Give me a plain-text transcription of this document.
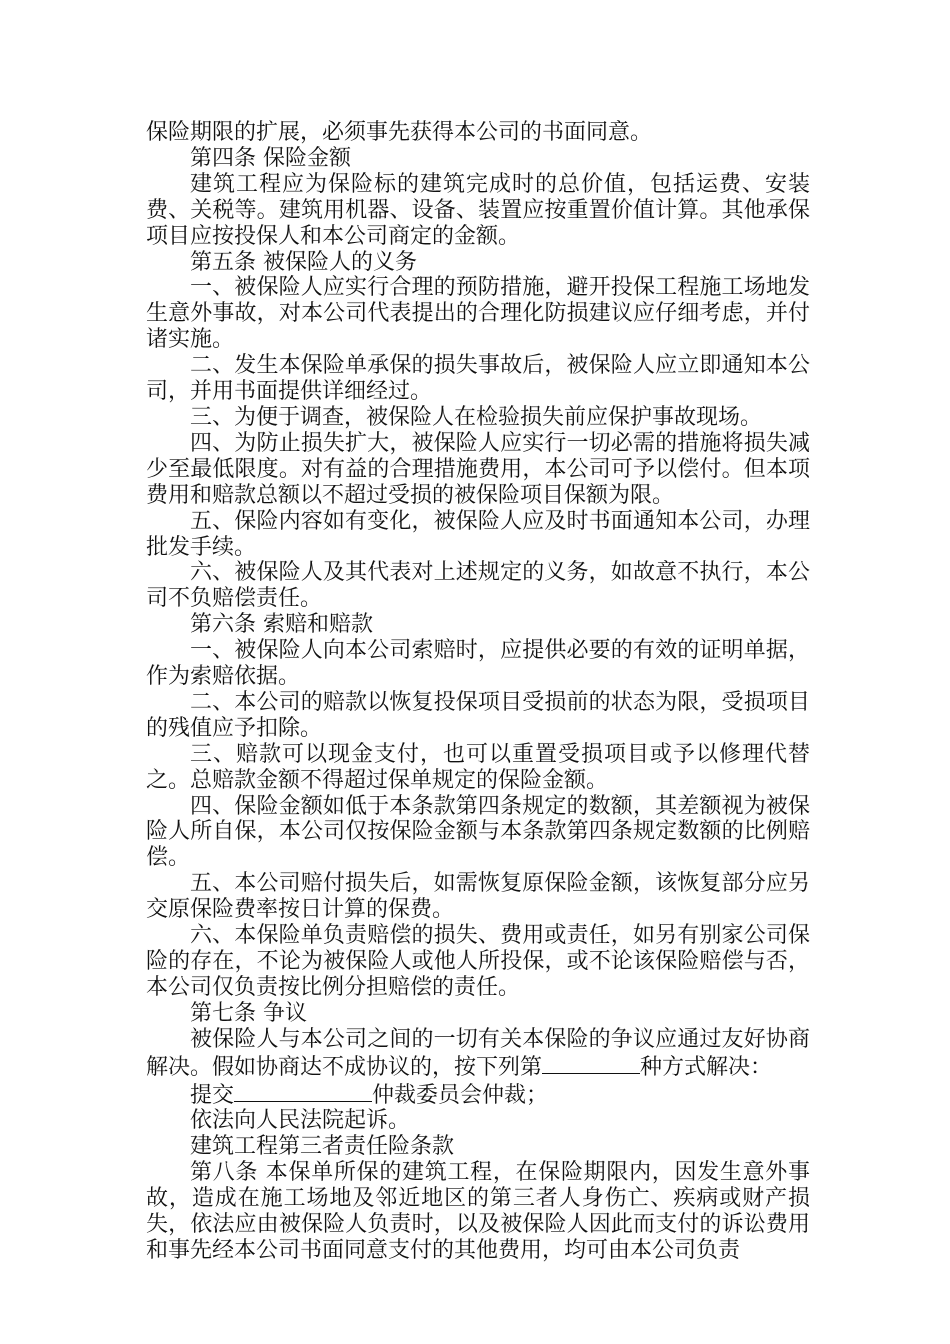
保险期限的扩展，必须事先获得本公司的书面同意。

第四条 保险金额

建筑工程应为保险标的建筑完成时的总价值，包括运费、安装费、关税等。建筑用机器、设备、装置应按重置价值计算。其他承保项目应按投保人和本公司商定的金额。

第五条 被保险人的义务

一、被保险人应实行合理的预防措施，避开投保工程施工场地发生意外事故，对本公司代表提出的合理化防损建议应仔细考虑，并付诸实施。

二、发生本保险单承保的损失事故后，被保险人应立即通知本公司，并用书面提供详细经过。

三、为便于调查，被保险人在检验损失前应保护事故现场。

四、为防止损失扩大，被保险人应实行一切必需的措施将损失减少至最低限度。对有益的合理措施费用，本公司可予以偿付。但本项费用和赔款总额以不超过受损的被保险项目保额为限。

五、保险内容如有变化，被保险人应及时书面通知本公司，办理批发手续。

六、被保险人及其代表对上述规定的义务，如故意不执行，本公司不负赔偿责任。

第六条 索赔和赔款

一、被保险人向本公司索赔时，应提供必要的有效的证明单据，作为索赔依据。

二、本公司的赔款以恢复投保项目受损前的状态为限，受损项目的残值应予扣除。

三、赔款可以现金支付，也可以重置受损项目或予以修理代替之。总赔款金额不得超过保单规定的保险金额。

四、保险金额如低于本条款第四条规定的数额，其差额视为被保险人所自保，本公司仅按保险金额与本条款第四条规定数额的比例赔偿。

五、本公司赔付损失后，如需恢复原保险金额，该恢复部分应另交原保险费率按日计算的保费。

六、本保险单负责赔偿的损失、费用或责任，如另有别家公司保险的存在，不论为被保险人或他人所投保，或不论该保险赔偿与否，本公司仅负责按比例分担赔偿的责任。

第七条 争议

被保险人与本公司之间的一切有关本保险的争议应通过友好协商解决。假如协商达不成协议的，按下列第	种方式解决：

提交	仲裁委员会仲裁；

依法向人民法院起诉。

建筑工程第三者责任险条款

第八条 本保单所保的建筑工程，在保险期限内，因发生意外事故，造成在施工场地及邻近地区的第三者人身伤亡、疾病或财产损失，依法应由被保险人负责时，以及被保险人因此而支付的诉讼费用和事先经本公司书面同意支付的其他费用，均可由本公司负责
